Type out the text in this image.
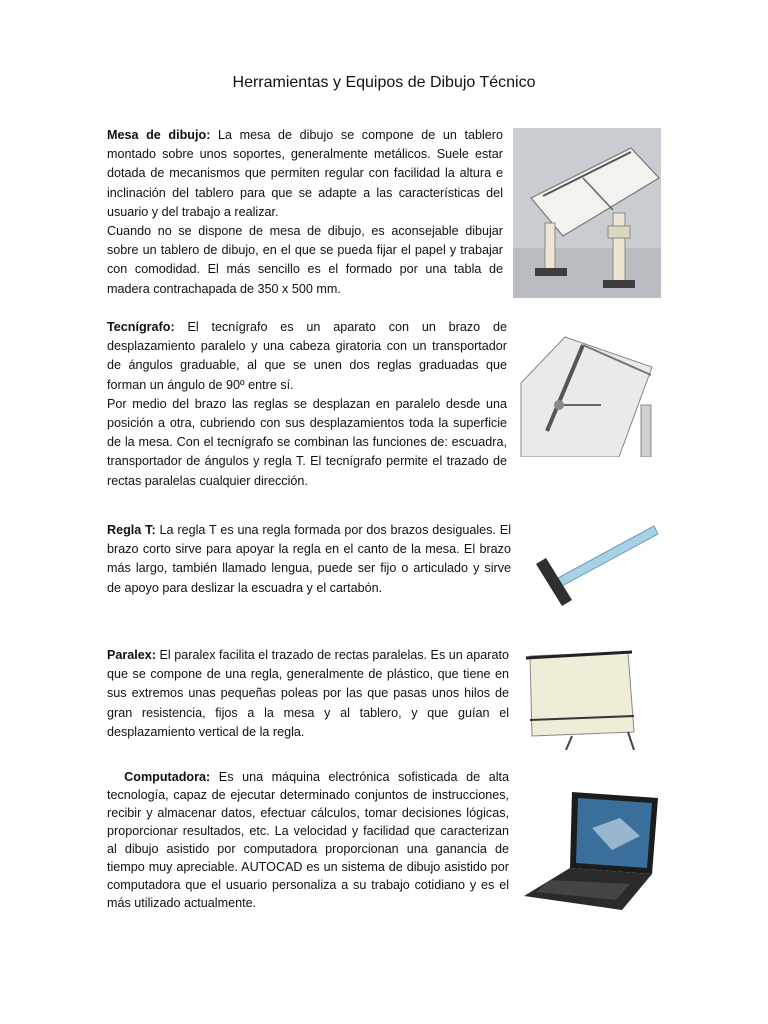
Herramientas y Equipos de Dibujo Técnico

Mesa de dibujo: La mesa de dibujo se compone de un tablero montado sobre unos soportes, generalmente metálicos. Suele estar dotada de mecanismos que permiten regular con facilidad la altura e inclinación del tablero para que se adapte a las características del usuario y del trabajo a realizar.

Cuando no se dispone de mesa de dibujo, es aconsejable dibujar sobre un tablero de dibujo, en el que se pueda fijar el papel y trabajar con comodidad. El más sencillo es el formado por una tabla de madera contrachapada de 350 x 500 mm.

Tecnígrafo: El tecnígrafo es un aparato con un brazo de desplazamiento paralelo y una cabeza giratoria con un transportador de ángulos graduable, al que se unen dos reglas graduadas que forman un ángulo de 90º entre sí.

Por medio del brazo las reglas se desplazan en paralelo desde una posición a otra, cubriendo con sus desplazamientos toda la superficie de la mesa. Con el tecnígrafo se combinan las funciones de: escuadra, transportador de ángulos y regla T. El tecnígrafo permite el trazado de rectas paralelas cualquier dirección.

Regla T: La regla T es una regla formada por dos brazos desiguales. El brazo corto sirve para apoyar la regla en el canto de la mesa. El brazo más largo, también llamado lengua, puede ser fijo o articulado y sirve de apoyo para deslizar la escuadra y el cartabón.

Paralex: El paralex facilita el trazado de rectas paralelas. Es un aparato que se compone de una regla, generalmente de plástico, que tiene en sus extremos unas pequeñas poleas por las que pasas unos hilos de gran resistencia, fijos a la mesa y al tablero, y que guían el desplazamiento vertical de la regla.

Computadora: Es una máquina electrónica sofisticada de alta tecnología, capaz de ejecutar determinado conjuntos de instrucciones, recibir y almacenar datos, efectuar cálculos, tomar decisiones lógicas, proporcionar resultados, etc. La velocidad y facilidad que caracterizan al dibujo asistido por computadora proporcionan una ganancia de tiempo muy apreciable. AUTOCAD es un sistema de dibujo asistido por computadora que el usuario personaliza a su trabajo cotidiano y es el más utilizado actualmente.
